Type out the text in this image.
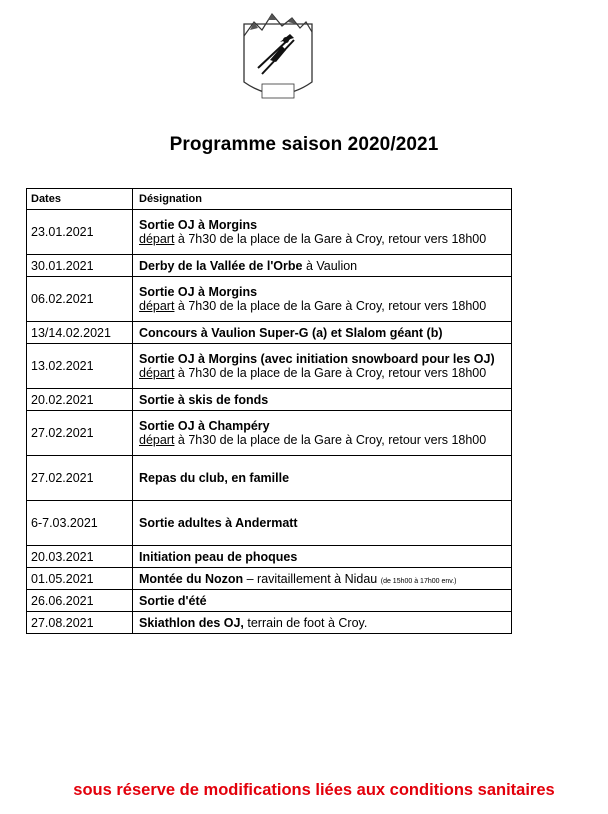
Programme saison 2020/2021
Dates	Désignation
23.01.2021	Sortie OJ à Morgins
départ à 7h30 de la place de la Gare à Croy, retour vers 18h00

30.01.2021	Derby de la Vallée de l'Orbe à Vaulion

06.02.2021	Sortie OJ à Morgins
départ à 7h30 de la place de la Gare à Croy, retour vers 18h00

13/14.02.2021	Concours à Vaulion Super-G (a) et Slalom géant (b)

13.02.2021	Sortie OJ à Morgins (avec initiation snowboard pour les OJ)
départ à 7h30 de la place de la Gare à Croy, retour vers 18h00

20.02.2021	Sortie à skis de fonds

27.02.2021	Sortie OJ à Champéry
départ à 7h30 de la place de la Gare à Croy, retour vers 18h00

27.02.2021	Repas du club, en famille

6-7.03.2021	Sortie adultes à Andermatt

20.03.2021	Initiation peau de phoques

01.05.2021	Montée du Nozon – ravitaillement à Nidau (de 15h00 à 17h00 env.)

26.06.2021	Sortie d'été

27.08.2021	Skiathlon des OJ, terrain de foot à Croy.
sous réserve de modifications liées aux conditions sanitaires
